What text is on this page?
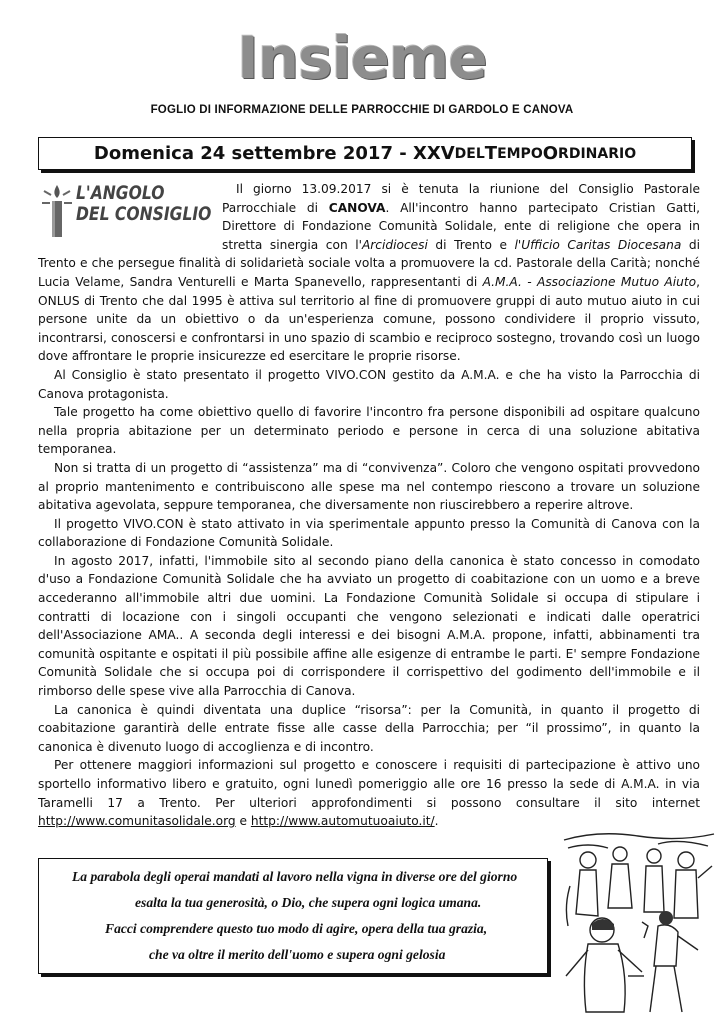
Insieme
FOGLIO DI INFORMAZIONE DELLE PARROCCHIE DI GARDOLO E CANOVA
Domenica 24 settembre 2017 - XXV DEL T EMPO O RDINARIO

Il giorno 13.09.2017 si è tenuta la riunione del Consiglio Pastorale Parrocchiale di CANOVA. All'incontro hanno partecipato Cristian Gatti, Direttore di Fondazione Comunità Solidale, ente di religione che opera in stretta sinergia con l'Arcidiocesi di Trento e l'Ufficio Caritas Diocesana di Trento e che persegue finalità di solidarietà sociale volta a promuovere la cd. Pastorale della Carità; nonché Lucia Velame, Sandra Venturelli e Marta Spanevello, rappresentanti di A.M.A. - Associazione Mutuo Aiuto, ONLUS di Trento che dal 1995 è attiva sul territorio al fine di promuovere gruppi di auto mutuo aiuto in cui persone unite da un obiettivo o da un'esperienza comune, possono condividere il proprio vissuto, incontrarsi, conoscersi e confrontarsi in uno spazio di scambio e reciproco sostegno, trovando così un luogo dove affrontare le proprie insicurezze ed esercitare le proprie risorse.

Al Consiglio è stato presentato il progetto VIVO.CON gestito da A.M.A. e che ha visto la Parrocchia di Canova protagonista.

Tale progetto ha come obiettivo quello di favorire l'incontro fra persone disponibili ad ospitare qualcuno nella propria abitazione per un determinato periodo e persone in cerca di una soluzione abitativa temporanea.

Non si tratta di un progetto di “assistenza” ma di “convivenza”. Coloro che vengono ospitati provvedono al proprio mantenimento e contribuiscono alle spese ma nel contempo riescono a trovare un soluzione abitativa agevolata, seppure temporanea, che diversamente non riuscirebbero a reperire altrove.

Il progetto VIVO.CON è stato attivato in via sperimentale appunto presso la Comunità di Canova con la collaborazione di Fondazione Comunità Solidale.

In agosto 2017, infatti, l'immobile sito al secondo piano della canonica è stato concesso in comodato d'uso a Fondazione Comunità Solidale che ha avviato un progetto di coabitazione con un uomo e a breve accederanno all'immobile altri due uomini. La Fondazione Comunità Solidale si occupa di stipulare i contratti di locazione con i singoli occupanti che vengono selezionati e indicati dalle operatrici dell'Associazione AMA.. A seconda degli interessi e dei bisogni A.M.A. propone, infatti, abbinamenti tra comunità ospitante e ospitati il più possibile affine alle esigenze di entrambe le parti. E' sempre Fondazione Comunità Solidale che si occupa poi di corrispondere il corrispettivo del godimento dell'immobile e il rimborso delle spese vive alla Parrocchia di Canova.

La canonica è quindi diventata una duplice “risorsa”: per la Comunità, in quanto il progetto di coabitazione garantirà delle entrate fisse alle casse della Parrocchia; per “il prossimo”, in quanto la canonica è divenuto luogo di accoglienza e di incontro.

Per ottenere maggiori informazioni sul progetto e conoscere i requisiti di partecipazione è attivo uno sportello informativo libero e gratuito, ogni lunedì pomeriggio alle ore 16 presso la sede di A.M.A. in via Taramelli 17 a Trento. Per ulteriori approfondimenti si possono consultare il sito internet http://www.comunitasolidale.org e http://www.automutuoaiuto.it/.

L'ANGOLO
DEL CONSIGLIO
La parabola degli operai mandati al lavoro nella vigna in diverse ore del giorno
esalta la tua generosità, o Dio, che supera ogni logica umana.
Facci comprendere questo tuo modo di agire, opera della tua grazia,
che va oltre il merito dell'uomo e supera ogni gelosia
